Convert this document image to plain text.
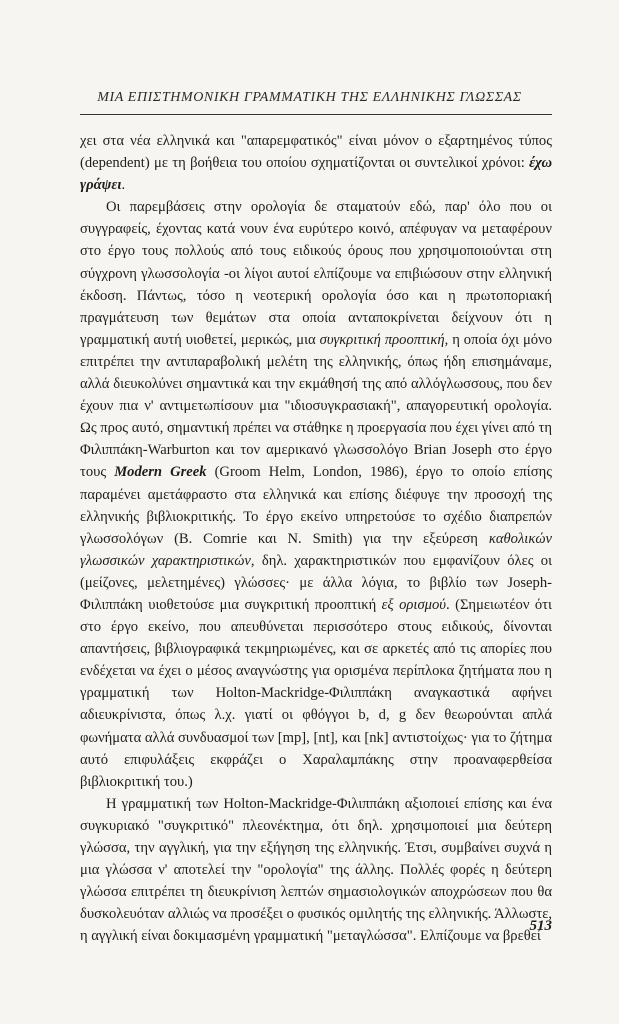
ΜΙΑ ΕΠΙΣΤΗΜΟΝΙΚΗ ΓΡΑΜΜΑΤΙΚΗ ΤΗΣ ΕΛΛΗΝΙΚΗΣ ΓΛΩΣΣΑΣ

χει στα νέα ελληνικά και "απαρεμφατικός" είναι μόνον ο εξαρτημένος τύπος (dependent) με τη βοήθεια του οποίου σχηματίζονται οι συντελικοί χρόνοι: έχω γράψει.

Οι παρεμβάσεις στην ορολογία δε σταματούν εδώ, παρ' όλο που οι συγγραφείς, έχοντας κατά νουν ένα ευρύτερο κοινό, απέφυγαν να μεταφέρουν στο έργο τους πολλούς από τους ειδικούς όρους που χρησιμοποιούνται στη σύγχρονη γλωσσολογία -οι λίγοι αυτοί ελπίζουμε να επιβιώσουν στην ελληνική έκδοση. Πάντως, τόσο η νεοτερική ορολογία όσο και η πρωτοποριακή πραγμάτευση των θεμάτων στα οποία ανταποκρίνεται δείχνουν ότι η γραμματική αυτή υιοθετεί, μερικώς, μια συγκριτική προοπτική, η οποία όχι μόνο επιτρέπει την αντιπαραβολική μελέτη της ελληνικής, όπως ήδη επισημάναμε, αλλά διευκολύνει σημαντικά και την εκμάθησή της από αλλόγλωσσους, που δεν έχουν πια ν' αντιμετωπίσουν μια "ιδιοσυγκρασιακή", απαγορευτική ορολογία. Ως προς αυτό, σημαντική πρέπει να στάθηκε η προεργασία που έχει γίνει από τη Φιλιππάκη-Warburton και τον αμερικανό γλωσσολόγο Brian Joseph στο έργο τους Modern Greek (Groom Helm, London, 1986), έργο το οποίο επίσης παραμένει αμετάφραστο στα ελληνικά και επίσης διέφυγε την προσοχή της ελληνικής βιβλιοκριτικής. Το έργο εκείνο υπηρετούσε το σχέδιο διαπρεπών γλωσσολόγων (B. Comrie και N. Smith) για την εξεύρεση καθολικών γλωσσικών χαρακτηριστικών, δηλ. χαρακτηριστικών που εμφανίζουν όλες οι (μείζονες, μελετημένες) γλώσσες· με άλλα λόγια, το βιβλίο των Joseph-Φιλιππάκη υιοθετούσε μια συγκριτική προοπτική εξ ορισμού. (Σημειωτέον ότι στο έργο εκείνο, που απευθύνεται περισσότερο στους ειδικούς, δίνονται απαντήσεις, βιβλιογραφικά τεκμηριωμένες, και σε αρκετές από τις απορίες που ενδέχεται να έχει ο μέσος αναγνώστης για ορισμένα περίπλοκα ζητήματα που η γραμματική των Holton-Mackridge-Φιλιππάκη αναγκαστικά αφήνει αδιευκρίνιστα, όπως λ.χ. γιατί οι φθόγγοι b, d, g δεν θεωρούνται απλά φωνήματα αλλά συνδυασμοί των [mp], [nt], και [nk] αντιστοίχως· για το ζήτημα αυτό επιφυλάξεις εκφράζει ο Χαραλαμπάκης στην προαναφερθείσα βιβλιοκριτική του.)

Η γραμματική των Holton-Mackridge-Φιλιππάκη αξιοποιεί επίσης και ένα συγκυριακό "συγκριτικό" πλεονέκτημα, ότι δηλ. χρησιμοποιεί μια δεύτερη γλώσσα, την αγγλική, για την εξήγηση της ελληνικής. Έτσι, συμβαίνει συχνά η μια γλώσσα ν' αποτελεί την "ορολογία" της άλλης. Πολλές φορές η δεύτερη γλώσσα επιτρέπει τη διευκρίνιση λεπτών σημασιολογικών αποχρώσεων που θα δυσκολευόταν αλλιώς να προσέξει ο φυσικός ομιλητής της ελληνικής. Άλλωστε, η αγγλική είναι δοκιμασμένη γραμματική "μεταγλώσσα". Ελπίζουμε να βρεθεί

513
